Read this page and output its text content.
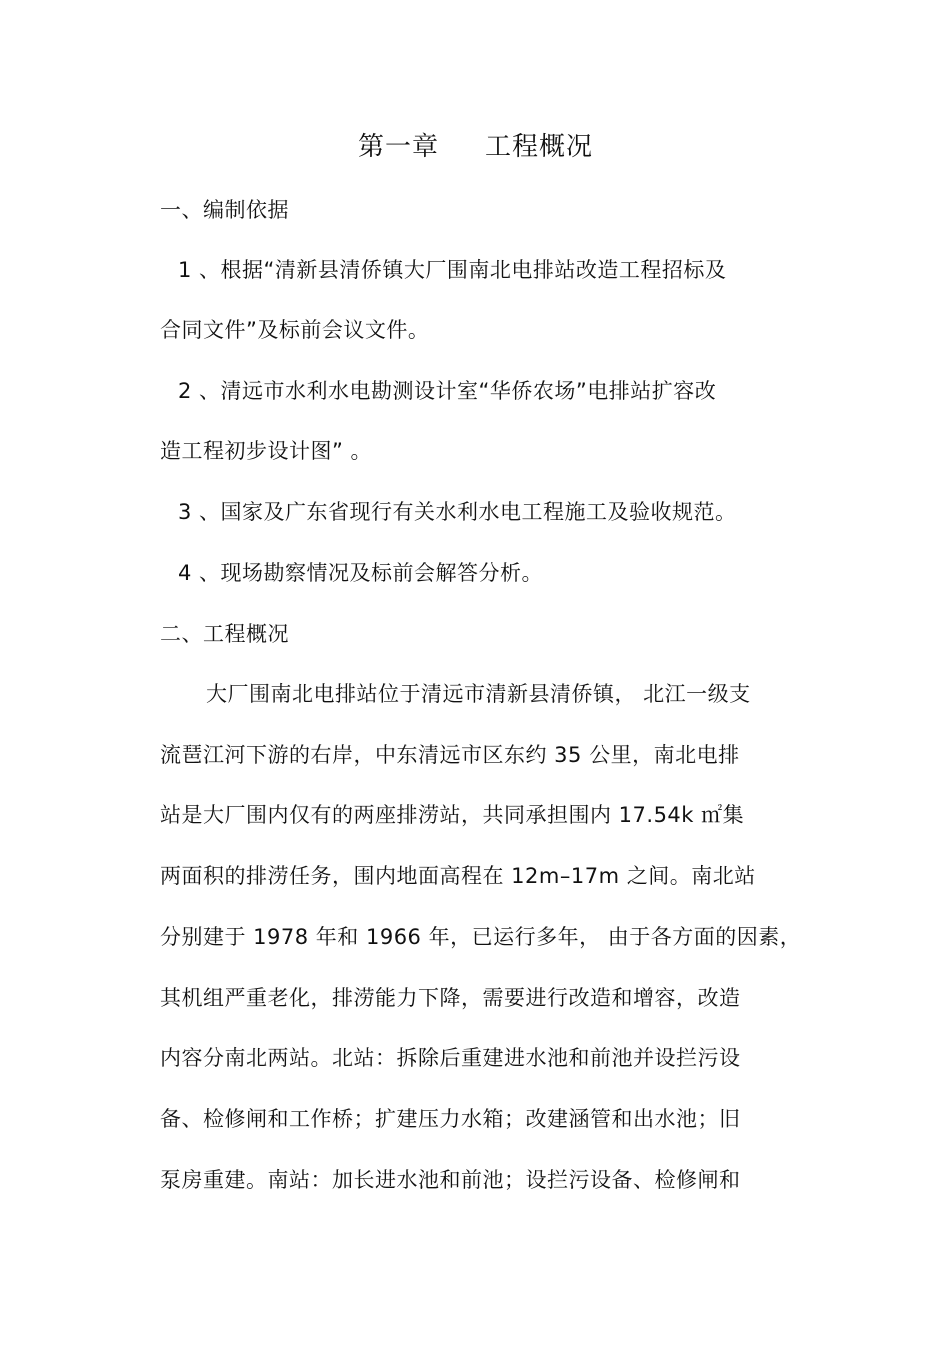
第一章 工程概况
一、编制依据
1 、根据“清新县清侨镇大厂围南北电排站改造工程招标及
合同文件”及标前会议文件。
2 、清远市水利水电勘测设计室“华侨农场”电排站扩容改
造工程初步设计图” 。
3 、国家及广东省现行有关水利水电工程施工及验收规范。
4 、现场勘察情况及标前会解答分析。
二、工程概况
大厂围南北电排站位于清远市清新县清侨镇， 北江一级支
流琶江河下游的右岸，中东清远市区东约 35 公里，南北电排
站是大厂围内仅有的两座排涝站，共同承担围内 17.54k ㎡集
两面积的排涝任务，围内地面高程在 12m–17m 之间。南北站
分别建于 1978 年和 1966 年，已运行多年， 由于各方面的因素，
其机组严重老化，排涝能力下降，需要进行改造和增容，改造
内容分南北两站。北站：拆除后重建进水池和前池并设拦污设
备、检修闸和工作桥；扩建压力水箱；改建涵管和出水池；旧
泵房重建。南站：加长进水池和前池；设拦污设备、检修闸和
